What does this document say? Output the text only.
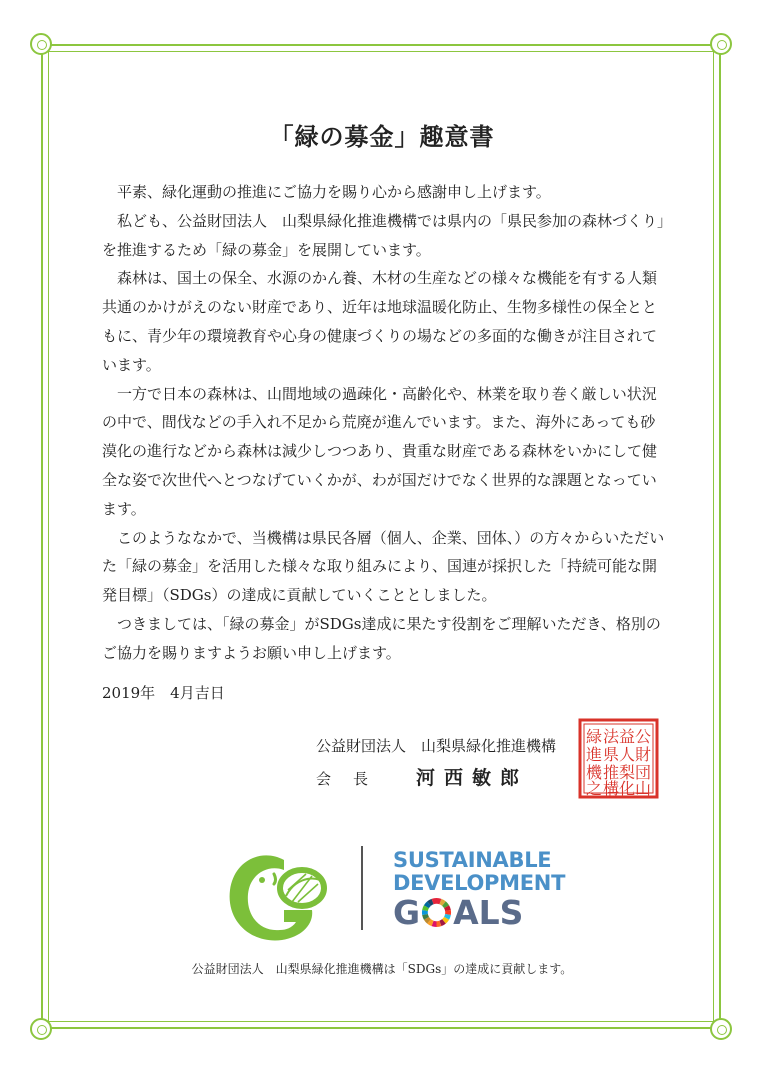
「緑の募金」趣意書

平素、緑化運動の推進にご協力を賜り心から感謝申し上げます。

私ども、公益財団法人　山梨県緑化推進機構では県内の「県民参加の森林づくり」を推進するため「緑の募金」を展開しています。

森林は、国土の保全、水源のかん養、木材の生産などの様々な機能を有する人類共通のかけがえのない財産であり、近年は地球温暖化防止、生物多様性の保全とともに、青少年の環境教育や心身の健康づくりの場などの多面的な働きが注目されています。

一方で日本の森林は、山間地域の過疎化・高齢化や、林業を取り巻く厳しい状況の中で、間伐などの手入れ不足から荒廃が進んでいます。また、海外にあっても砂漠化の進行などから森林は減少しつつあり、貴重な財産である森林をいかにして健全な姿で次世代へとつなげていくかが、わが国だけでなく世界的な課題となっています。

このようななかで、当機構は県民各層（個人、企業、団体、）の方々からいただいた「緑の募金」を活用した様々な取り組みにより、国連が採択した「持続可能な開発目標」（SDGs）の達成に貢献していくこととしました。

つきましては、「緑の募金」がSDGs達成に果たす役割をご理解いただき、格別のご協力を賜りますようお願い申し上げます。

2019年　4月吉日
公益財団法人　山梨県緑化推進機構
会長	河西敏郎
緑 法 益 公
進 県 人 財
機 推 梨 団
之 構 化 山
SUSTAINABLE
DEVELOPMENT
G ALS
公益財団法人　山梨県緑化推進機構は「SDGs」の達成に貢献します。
